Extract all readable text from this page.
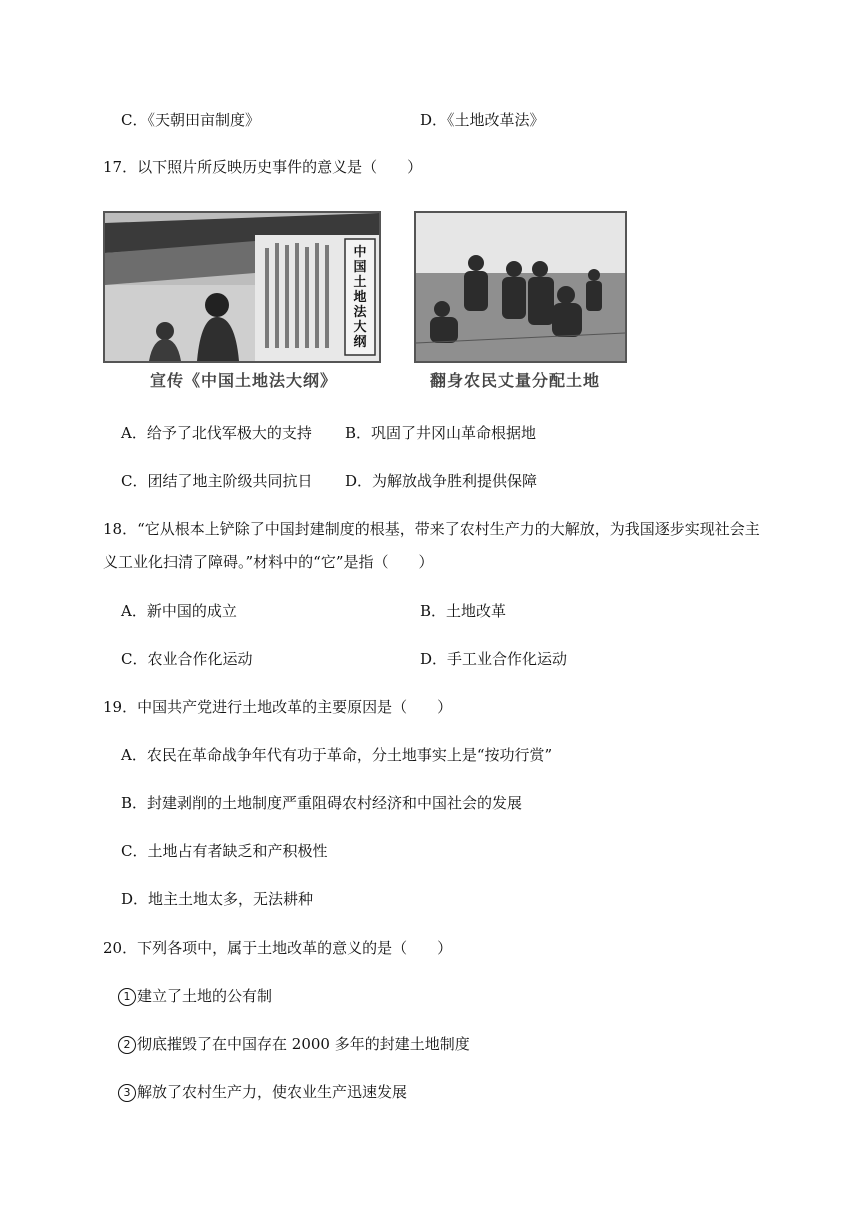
C．《天朝田亩制度》	D．《土地改革法》
17．以下照片所反映历史事件的意义是（　　）
中国土地法大纲
宣传《中国土地法大纲》	翻身农民丈量分配土地
A．给予了北伐军极大的支持 B．巩固了井冈山革命根据地
C．团结了地主阶级共同抗日 D．为解放战争胜利提供保障
18．“它从根本上铲除了中国封建制度的根基，带来了农村生产力的大解放，为我国逐步实现社会主
义工业化扫清了障碍。”材料中的“它”是指（　　）
A．新中国的成立	B．土地改革
C．农业合作化运动	D．手工业合作化运动
19．中国共产党进行土地改革的主要原因是（　　）
A．农民在革命战争年代有功于革命，分土地事实上是“按功行赏”
B．封建剥削的土地制度严重阻碍农村经济和中国社会的发展
C．土地占有者缺乏和产积极性
D．地主土地太多，无法耕种
20．下列各项中，属于土地改革的意义的是（　　）
1 建立了土地的公有制
2 彻底摧毁了在中国存在 2000 多年的封建土地制度
3 解放了农村生产力，使农业生产迅速发展
